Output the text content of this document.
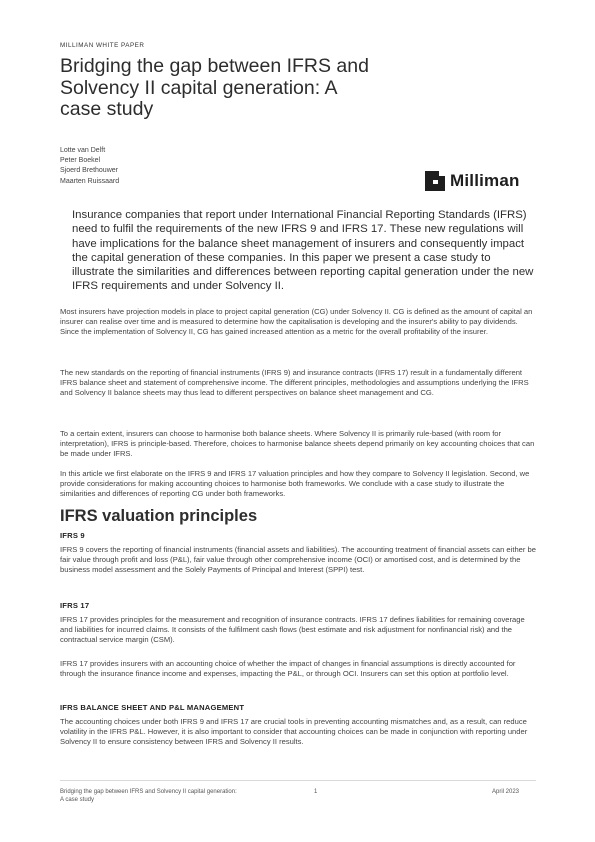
MILLIMAN WHITE PAPER
Bridging the gap between IFRS and Solvency II capital generation: A case study
Lotte van Delft
Peter Boekel
Sjoerd Brethouwer
Maarten Ruissaard	Milliman

Insurance companies that report under International Financial Reporting Standards (IFRS) need to fulfil the requirements of the new IFRS 9 and IFRS 17. These new regulations will have implications for the balance sheet management of insurers and consequently impact the capital generation of these companies. In this paper we present a case study to illustrate the similarities and differences between reporting capital generation under the new IFRS requirements and under Solvency II.

Most insurers have projection models in place to project capital generation (CG) under Solvency II. CG is defined as the amount of capital an insurer can realise over time and is measured to determine how the capitalisation is developing and the insurer's ability to pay dividends. Since the implementation of Solvency II, CG has gained increased attention as a metric for the overall profitability of the insurer.

The new standards on the reporting of financial instruments (IFRS 9) and insurance contracts (IFRS 17) result in a fundamentally different IFRS balance sheet and statement of comprehensive income. The different principles, methodologies and assumptions underlying the IFRS and Solvency II balance sheets may thus lead to different perspectives on balance sheet management and CG.

To a certain extent, insurers can choose to harmonise both balance sheets. Where Solvency II is primarily rule-based (with room for interpretation), IFRS is principle-based. Therefore, choices to harmonise balance sheets depend primarily on key accounting choices that can be made under IFRS.

In this article we first elaborate on the IFRS 9 and IFRS 17 valuation principles and how they compare to Solvency II legislation. Second, we provide considerations for making accounting choices to harmonise both frameworks. We conclude with a case study to illustrate the similarities and differences of reporting CG under both frameworks.

IFRS valuation principles
IFRS 9

IFRS 9 covers the reporting of financial instruments (financial assets and liabilities). The accounting treatment of financial assets can either be fair value through profit and loss (P&L), fair value through other comprehensive income (OCI) or amortised cost, and is determined by the business model assessment and the Solely Payments of Principal and Interest (SPPI) test.

IFRS 17

IFRS 17 provides principles for the measurement and recognition of insurance contracts. IFRS 17 defines liabilities for remaining coverage and liabilities for incurred claims. It consists of the fulfilment cash flows (best estimate and risk adjustment for nonfinancial risk) and the contractual service margin (CSM).

IFRS 17 provides insurers with an accounting choice of whether the impact of changes in financial assumptions is directly accounted for through the insurance finance income and expenses, impacting the P&L, or through OCI. Insurers can set this option at portfolio level.

IFRS BALANCE SHEET AND P&L MANAGEMENT

The accounting choices under both IFRS 9 and IFRS 17 are crucial tools in preventing accounting mismatches and, as a result, can reduce volatility in the IFRS P&L. However, it is also important to consider that accounting choices can be made in conjunction with reporting under Solvency II to ensure consistency between IFRS and Solvency II results.

Bridging the gap between IFRS and Solvency II capital generation: A case study
1	April 2023
